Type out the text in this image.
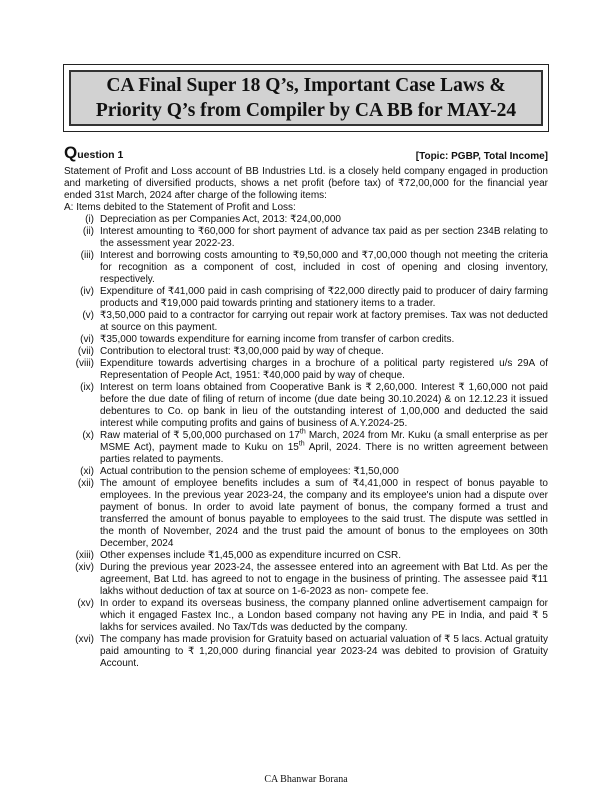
CA Final Super 18 Q’s, Important Case Laws &
Priority Q’s from Compiler by CA BB for MAY-24
Question 1	[Topic: PGBP, Total Income]
Statement of Profit and Loss account of BB Industries Ltd. is a closely held company engaged in production and marketing of diversified products, shows a net profit (before tax) of ₹72,00,000 for the financial year ended 31st March, 2024 after charge of the following items:
A: Items debited to the Statement of Profit and Loss:
(i) Depreciation as per Companies Act, 2013: ₹24,00,000
(ii) Interest amounting to ₹60,000 for short payment of advance tax paid as per section 234B relating to the assessment year 2022-23.
(iii) Interest and borrowing costs amounting to ₹9,50,000 and ₹7,00,000 though not meeting the criteria for recognition as a component of cost, included in cost of opening and closing inventory, respectively.
(iv) Expenditure of ₹41,000 paid in cash comprising of ₹22,000 directly paid to producer of dairy farming products and ₹19,000 paid towards printing and stationery items to a trader.
(v) ₹3,50,000 paid to a contractor for carrying out repair work at factory premises. Tax was not deducted at source on this payment.
(vi) ₹35,000 towards expenditure for earning income from transfer of carbon credits.
(vii) Contribution to electoral trust: ₹3,00,000 paid by way of cheque.
(viii) Expenditure towards advertising charges in a brochure of a political party registered u/s 29A of Representation of People Act, 1951: ₹40,000 paid by way of cheque.
(ix) Interest on term loans obtained from Cooperative Bank is ₹ 2,60,000. Interest ₹ 1,60,000 not paid before the due date of filing of return of income (due date being 30.10.2024) & on 12.12.23 it issued debentures to Co. op bank in lieu of the outstanding interest of 1,00,000 and deducted the said interest while computing profits and gains of business of A.Y.2024-25.
(x) Raw material of ₹ 5,00,000 purchased on 17th March, 2024 from Mr. Kuku (a small enterprise as per MSME Act), payment made to Kuku on 15th April, 2024. There is no written agreement between parties related to payments.
(xi) Actual contribution to the pension scheme of employees: ₹1,50,000
(xii) The amount of employee benefits includes a sum of ₹4,41,000 in respect of bonus payable to employees. In the previous year 2023-24, the company and its employee's union had a dispute over payment of bonus. In order to avoid late payment of bonus, the company formed a trust and transferred the amount of bonus payable to employees to the said trust. The dispute was settled in the month of November, 2024 and the trust paid the amount of bonus to the employees on 30th December, 2024
(xiii) Other expenses include ₹1,45,000 as expenditure incurred on CSR.
(xiv) During the previous year 2023-24, the assessee entered into an agreement with Bat Ltd. As per the agreement, Bat Ltd. has agreed to not to engage in the business of printing. The assessee paid ₹11 lakhs without deduction of tax at source on 1-6-2023 as non- compete fee.
(xv) In order to expand its overseas business, the company planned online advertisement campaign for which it engaged Fastex Inc., a London based company not having any PE in India, and paid ₹ 5 lakhs for services availed. No Tax/Tds was deducted by the company.
(xvi) The company has made provision for Gratuity based on actuarial valuation of ₹ 5 lacs. Actual gratuity paid amounting to ₹ 1,20,000 during financial year 2023-24 was debited to provision of Gratuity Account.
CA Bhanwar Borana
